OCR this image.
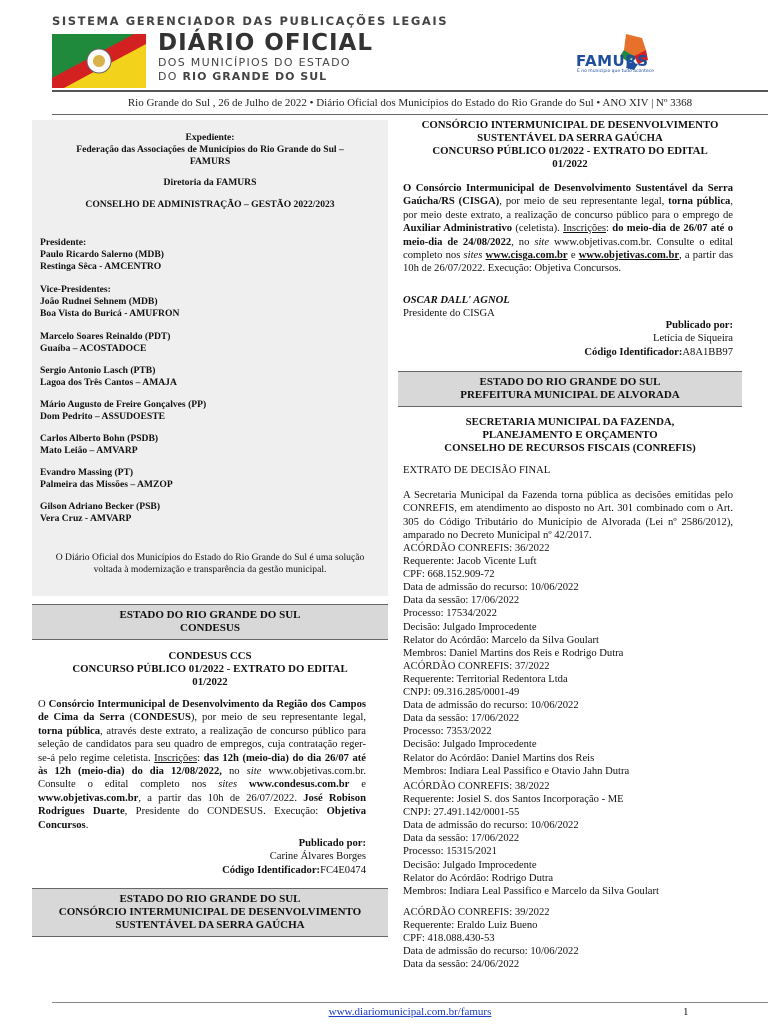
SISTEMA GERENCIADOR DAS PUBLICAÇÕES LEGAIS
DIÁRIO OFICIAL
DOS MUNICÍPIOS DO ESTADO
DO RIO GRANDE DO SUL
FAMURS
É no município que tudo acontece
Rio Grande do Sul , 26 de Julho de 2022 • Diário Oficial dos Municípios do Estado do Rio Grande do Sul • ANO XIV | Nº 3368
Expediente:
Federação das Associações de Municípios do Rio Grande do Sul –
FAMURS
Diretoria da FAMURS
CONSELHO DE ADMINISTRAÇÃO – GESTÃO 2022/2023
Presidente:
Paulo Ricardo Salerno (MDB)
Restinga Sêca - AMCENTRO
Vice-Presidentes:
João Rudnei Sehnem (MDB)
Boa Vista do Buricá - AMUFRON
Marcelo Soares Reinaldo (PDT)
Guaíba – ACOSTADOCE
Sergio Antonio Lasch (PTB)
Lagoa dos Três Cantos – AMAJA
Mário Augusto de Freire Gonçalves (PP)
Dom Pedrito – ASSUDOESTE
Carlos Alberto Bohn (PSDB)
Mato Leião – AMVARP
Evandro Massing (PT)
Palmeira das Missões – AMZOP
Gilson Adriano Becker (PSB)
Vera Cruz - AMVARP
O Diário Oficial dos Municípios do Estado do Rio Grande do Sul é uma solução voltada à modernização e transparência da gestão municipal.
ESTADO DO RIO GRANDE DO SUL
CONDESUS
CONDESUS CCS
CONCURSO PÚBLICO 01/2022 - EXTRATO DO EDITAL
01/2022

O Consórcio Intermunicipal de Desenvolvimento da Região dos Campos de Cima da Serra (CONDESUS), por meio de seu representante legal, torna pública, através deste extrato, a realização de concurso público para seleção de candidatos para seu quadro de empregos, cuja contratação reger-se-á pelo regime celetista. Inscrições: das 12h (meio-dia) do dia 26/07 até às 12h (meio-dia) do dia 12/08/2022, no site www.objetivas.com.br. Consulte o edital completo nos sites www.condesus.com.br e www.objetivas.com.br, a partir das 10h de 26/07/2022. José Robison Rodrigues Duarte, Presidente do CONDESUS. Execução: Objetiva Concursos.

Publicado por:
Carine Álvares Borges
Código Identificador:FC4E0474
ESTADO DO RIO GRANDE DO SUL
CONSÓRCIO INTERMUNICIPAL DE DESENVOLVIMENTO
SUSTENTÁVEL DA SERRA GAÚCHA
CONSÓRCIO INTERMUNICIPAL DE DESENVOLVIMENTO
SUSTENTÁVEL DA SERRA GAÚCHA
CONCURSO PÚBLICO 01/2022 - EXTRATO DO EDITAL
01/2022

O Consórcio Intermunicipal de Desenvolvimento Sustentável da Serra Gaúcha/RS (CISGA), por meio de seu representante legal, torna pública, por meio deste extrato, a realização de concurso público para o emprego de Auxiliar Administrativo (celetista). Inscrições: do meio-dia de 26/07 até o meio-dia de 24/08/2022, no site www.objetivas.com.br. Consulte o edital completo nos sites www.cisga.com.br e www.objetivas.com.br, a partir das 10h de 26/07/2022. Execução: Objetiva Concursos.

OSCAR DALL' AGNOL
Presidente do CISGA
Publicado por:
Letícia de Siqueira
Código Identificador:A8A1BB97
ESTADO DO RIO GRANDE DO SUL
PREFEITURA MUNICIPAL DE ALVORADA
SECRETARIA MUNICIPAL DA FAZENDA,
PLANEJAMENTO E ORÇAMENTO
CONSELHO DE RECURSOS FISCAIS (CONREFIS)
EXTRATO DE DECISÃO FINAL

A Secretaria Municipal da Fazenda torna pública as decisões emitidas pelo CONREFIS, em atendimento ao disposto no Art. 301 combinado com o Art. 305 do Código Tributário do Município de Alvorada (Lei nº 2586/2012), amparado no Decreto Municipal nº 42/2017.

ACÓRDÃO CONREFIS: 36/2022
Requerente: Jacob Vicente Luft
CPF: 668.152.909-72
Data de admissão do recurso: 10/06/2022
Data da sessão: 17/06/2022
Processo: 17534/2022
Decisão: Julgado Improcedente
Relator do Acórdão: Marcelo da Silva Goulart
Membros: Daniel Martins dos Reis e Rodrigo Dutra
ACÓRDÃO CONREFIS: 37/2022
Requerente: Territorial Redentora Ltda
CNPJ: 09.316.285/0001-49
Data de admissão do recurso: 10/06/2022
Data da sessão: 17/06/2022
Processo: 7353/2022
Decisão: Julgado Improcedente
Relator do Acórdão: Daniel Martins dos Reis
Membros: Indiara Leal Passifico e Otavio Jahn Dutra
ACÓRDÃO CONREFIS: 38/2022
Requerente: Josiel S. dos Santos Incorporação - ME
CNPJ: 27.491.142/0001-55
Data de admissão do recurso: 10/06/2022
Data da sessão: 17/06/2022
Processo: 15315/2021
Decisão: Julgado Improcedente
Relator do Acórdão: Rodrigo Dutra
Membros: Indiara Leal Passifico e Marcelo da Silva Goulart
ACÓRDÃO CONREFIS: 39/2022
Requerente: Eraldo Luiz Bueno
CPF: 418.088.430-53
Data de admissão do recurso: 10/06/2022
Data da sessão: 24/06/2022
www.diariomunicipal.com.br/famurs	1
